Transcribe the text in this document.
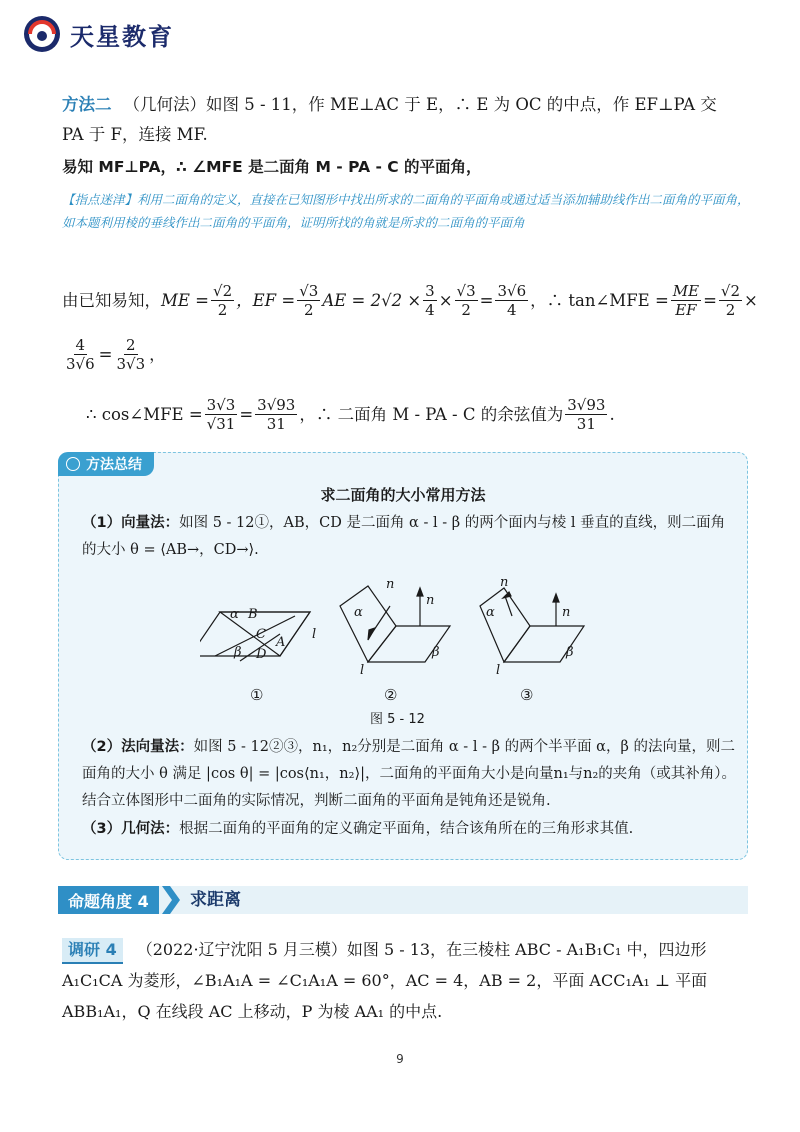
天星教育
方法二 （几何法）如图 5 - 11，作 ME⊥AC 于 E，∴ E 为 OC 的中点，作 EF⊥PA 交
PA 于 F，连接 MF.
易知 MF⊥PA，∴ ∠MFE 是二面角 M - PA - C 的平面角，
【指点迷津】利用二面角的定义，直接在已知图形中找出所求的二面角的平面角或通过适当添加辅助线作出二面角的平面角，如本题利用棱的垂线作出二面角的平面角，证明所找的角就是所求的二面角的平面角
由已知易知， ME = $\frac{√2}{2}$ ，EF = $\frac{√3}{2}$ AE = $2√2 \times \frac{3}{4} \times \frac{√3}{2} = \frac{3√6}{4}$ ，∴ tan∠MFE = $\frac{ME}{EF} = \frac{√2}{2}$ ×
$\frac{4}{3√6} = \frac{2}{3√3}$ ，
∴ cos∠MFE = $\frac{3√3}{√31} = \frac{3√93}{31}$ ，∴ 二面角 M - PA - C 的余弦值为 $\frac{3√93}{31}$ .
方法总结
求二面角的大小常用方法
（1）向量法：如图 5 - 12①，AB，CD 是二面角 α - l - β 的两个面内与棱 l 垂直的直线，则二面角的大小 θ = ⟨AB→，CD→⟩.
α B
C
A
β D
l
α
n
n
β
l
α
n
n
β
l
①	②	③
图 5 - 12
（2）法向量法：如图 5 - 12②③，n₁，n₂分别是二面角 α - l - β 的两个半平面 α，β 的法向量，则二面角的大小 θ 满足 |cos θ| = |cos⟨n₁，n₂⟩|，二面角的平面角大小是向量n₁与n₂的夹角（或其补角）。结合立体图形中二面角的实际情况，判断二面角的平面角是钝角还是锐角.
（3）几何法：根据二面角的平面角的定义确定平面角，结合该角所在的三角形求其值.
命题角度 4	求距离
调研 4 （2022·辽宁沈阳 5 月三模）如图 5 - 13，在三棱柱 ABC - A₁B₁C₁ 中，四边形 A₁C₁CA 为菱形，∠B₁A₁A = ∠C₁A₁A = 60°，AC = 4，AB = 2，平面 ACC₁A₁ ⊥ 平面 ABB₁A₁，Q 在线段 AC 上移动，P 为棱 AA₁ 的中点.
9
